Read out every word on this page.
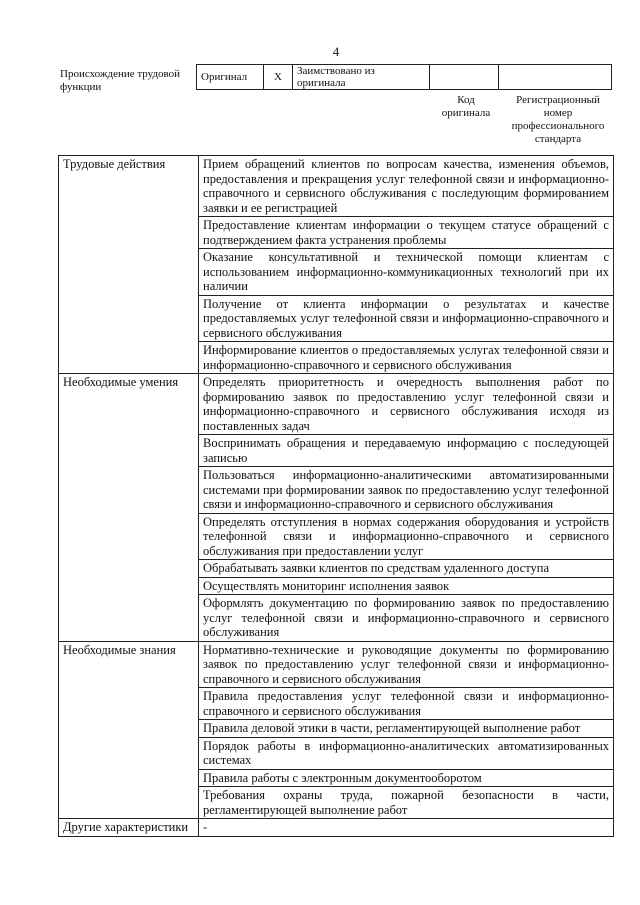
4
Происхождение трудовой функции
Оригинал	X	Заимствовано из оригинала		
Код оригинала
Регистрационный номер профессионального стандарта
Трудовые действия	Прием обращений клиентов по вопросам качества, изменения объемов, предоставления и прекращения услуг телефонной связи и информационно-справочного и сервисного обслуживания с последующим формированием заявки и ее регистрацией
	Предоставление клиентам информации о текущем статусе обращений с подтверждением факта устранения проблемы
	Оказание консультативной и технической помощи клиентам с использованием информационно-коммуникационных технологий при их наличии
	Получение от клиента информации о результатах и качестве предоставляемых услуг телефонной связи и информационно-справочного и сервисного обслуживания
	Информирование клиентов о предоставляемых услугах телефонной связи и информационно-справочного и сервисного обслуживания
Необходимые умения	Определять приоритетность и очередность выполнения работ по формированию заявок по предоставлению услуг телефонной связи и информационно-справочного и сервисного обслуживания исходя из поставленных задач
	Воспринимать обращения и передаваемую информацию с последующей записью
	Пользоваться информационно-аналитическими автоматизированными системами при формировании заявок по предоставлению услуг телефонной связи и информационно-справочного и сервисного обслуживания
	Определять отступления в нормах содержания оборудования и устройств телефонной связи и информационно-справочного и сервисного обслуживания при предоставлении услуг
	Обрабатывать заявки клиентов по средствам удаленного доступа
	Осуществлять мониторинг исполнения заявок
	Оформлять документацию по формированию заявок по предоставлению услуг телефонной связи и информационно-справочного и сервисного обслуживания
Необходимые знания	Нормативно-технические и руководящие документы по формированию заявок по предоставлению услуг телефонной связи и информационно-справочного и сервисного обслуживания
	Правила предоставления услуг телефонной связи и информационно-справочного и сервисного обслуживания
	Правила деловой этики в части, регламентирующей выполнение работ
	Порядок работы в информационно-аналитических автоматизированных системах
	Правила работы с электронным документооборотом
	Требования охраны труда, пожарной безопасности в части, регламентирующей выполнение работ
Другие характеристики	-
